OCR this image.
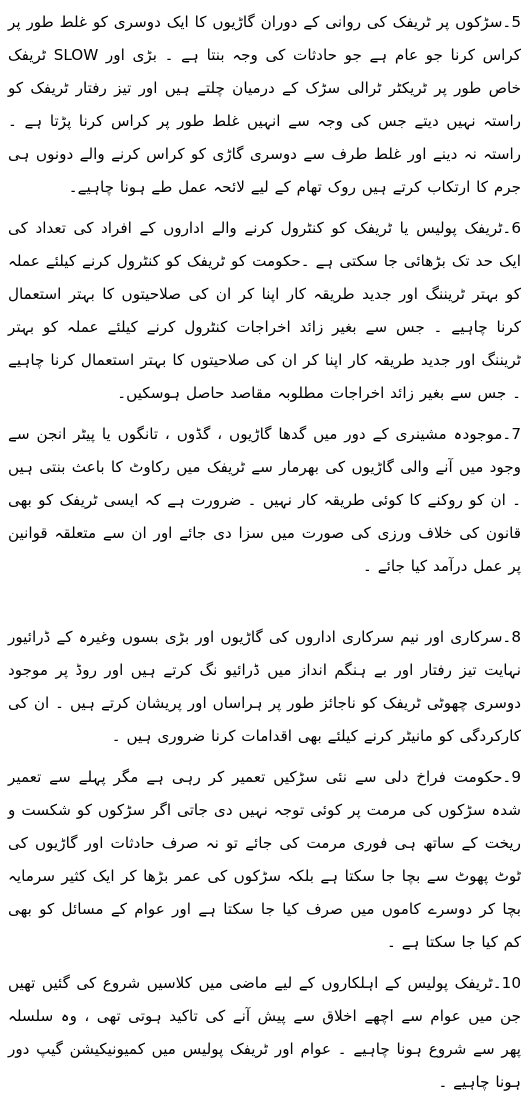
5۔سڑکوں پر ٹریفک کی روانی کے دوران گاڑیوں کا ایک دوسری کو غلط طور پر کراس کرنا جو عام ہے جو حادثات کی وجہ بنتا ہے ۔ بڑی اور SLOW ٹریفک خاص طور پر ٹریکٹر ٹرالی سڑک کے درمیان چلتے ہیں اور تیز رفتار ٹریفک کو راستہ نہیں دیتے جس کی وجہ سے انہیں غلط طور پر کراس کرنا پڑتا ہے ۔ راستہ نہ دینے اور غلط طرف سے دوسری گاڑی کو کراس کرنے والے دونوں ہی جرم کا ارتکاب کرتے ہیں روک تھام کے لیے لائحہ عمل طے ہونا چاہیے۔

6۔ٹریفک پولیس یا ٹریفک کو کنٹرول کرنے والے اداروں کے افراد کی تعداد کی ایک حد تک بڑھائی جا سکتی ہے ۔حکومت کو ٹریفک کو کنٹرول کرنے کیلئے عملہ کو بہتر ٹریننگ اور جدید طریقہ کار اپنا کر ان کی صلاحیتوں کا بہتر استعمال کرنا چاہیے ۔ جس سے بغیر زائد اخراجات کنٹرول کرنے کیلئے عملہ کو بہتر ٹریننگ اور جدید طریقہ کار اپنا کر ان کی صلاحیتوں کا بہتر استعمال کرنا چاہیے ۔ جس سے بغیر زائد اخراجات مطلوبہ مقاصد حاصل ہوسکیں۔

7۔موجودہ مشینری کے دور میں گدھا گاڑیوں ، گڈوں ، تانگوں یا پیٹر انجن سے وجود میں آنے والی گاڑیوں کی بھرمار سے ٹریفک میں رکاوٹ کا باعث بنتی ہیں ۔ ان کو روکنے کا کوئی طریقہ کار نہیں ۔ ضرورت ہے کہ ایسی ٹریفک کو بھی قانون کی خلاف ورزی کی صورت میں سزا دی جائے اور ان سے متعلقہ قوانین پر عمل درآمد کیا جائے ۔

8۔سرکاری اور نیم سرکاری اداروں کی گاڑیوں اور بڑی بسوں وغیرہ کے ڈرائیور نہایت تیز رفتار اور بے ہنگم انداز میں ڈرائیو نگ کرتے ہیں اور روڈ پر موجود دوسری چھوٹی ٹریفک کو ناجائز طور پر ہراساں اور پریشان کرتے ہیں ۔ ان کی کارکردگی کو مانیٹر کرنے کیلئے بھی اقدامات کرنا ضروری ہیں ۔

9۔حکومت فراخ دلی سے نئی سڑکیں تعمیر کر رہی ہے مگر پہلے سے تعمیر شدہ سڑکوں کی مرمت پر کوئی توجہ نہیں دی جاتی اگر سڑکوں کو شکست و ریخت کے ساتھ ہی فوری مرمت کی جائے تو نہ صرف حادثات اور گاڑیوں کی ٹوٹ پھوٹ سے بچا جا سکتا ہے بلکہ سڑکوں کی عمر بڑھا کر ایک کثیر سرمایہ بچا کر دوسرے کاموں میں صرف کیا جا سکتا ہے اور عوام کے مسائل کو بھی کم کیا جا سکتا ہے ۔

10۔ٹریفک پولیس کے اہلکاروں کے لیے ماضی میں کلاسیں شروع کی گئیں تھیں جن میں عوام سے اچھے اخلاق سے پیش آنے کی تاکید ہوتی تھی ، وہ سلسلہ پھر سے شروع ہونا چاہیے ۔ عوام اور ٹریفک پولیس میں کمیونیکیشن گیپ دور ہونا چاہیے ۔
